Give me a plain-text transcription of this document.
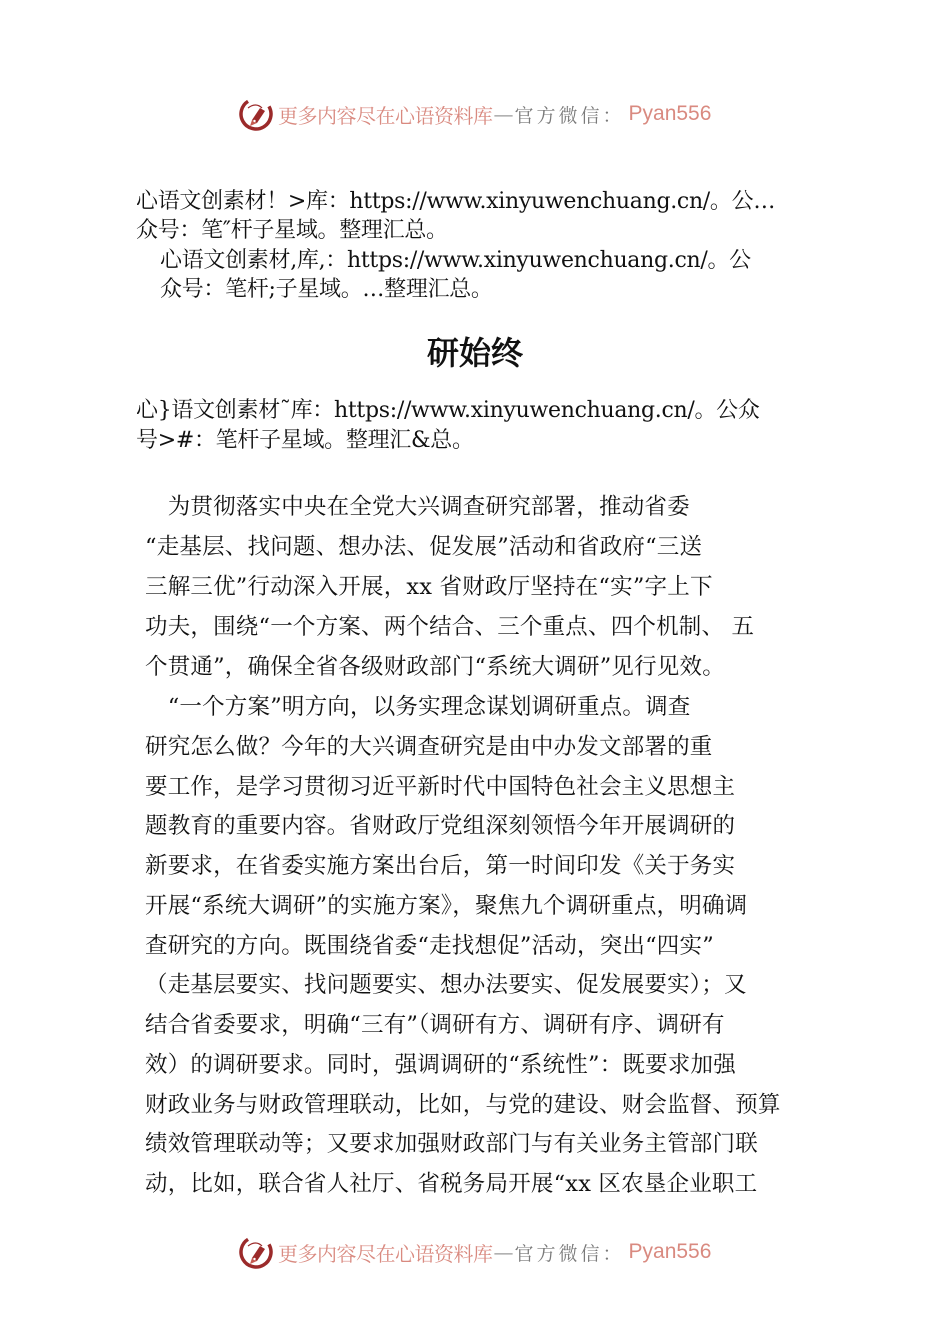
更多内容尽在心语资料库 — 官方微信： Pyan556
心语文创素材！>库：https://www.xinyuwenchuang.cn/。公…
众号：笔″杆子星域。整理汇总。
心语文创素材,库,：https://www.xinyuwenchuang.cn/。公
众号：笔杆;子星域。…整理汇总。
研始终
心}语文创素材˜库：https://www.xinyuwenchuang.cn/。公众
号>#：笔杆子星域。整理汇&总。
　为贯彻落实中央在全党大兴调查研究部署，推动省委
“走基层、找问题、想办法、促发展”活动和省政府“三送
三解三优”行动深入开展，xx 省财政厅坚持在“实”字上下
功夫，围绕“一个方案、两个结合、三个重点、四个机制、 五
个贯通”，确保全省各级财政部门“系统大调研”见行见效。
　“一个方案”明方向，以务实理念谋划调研重点。调查
研究怎么做？今年的大兴调查研究是由中办发文部署的重
要工作，是学习贯彻习近平新时代中国特色社会主义思想主
题教育的重要内容。省财政厅党组深刻领悟今年开展调研的
新要求，在省委实施方案出台后，第一时间印发《关于务实
开展“系统大调研”的实施方案》，聚焦九个调研重点，明确调
查研究的方向。既围绕省委“走找想促”活动，突出“四实”
（走基层要实、找问题要实、想办法要实、促发展要实）；又
结合省委要求，明确“三有”（调研有方、调研有序、调研有
效）的调研要求。同时，强调调研的“系统性”：既要求加强
财政业务与财政管理联动，比如，与党的建设、财会监督、预算
绩效管理联动等；又要求加强财政部门与有关业务主管部门联
动，比如，联合省人社厅、省税务局开展“xx 区农垦企业职工
更多内容尽在心语资料库 — 官方微信： Pyan556
